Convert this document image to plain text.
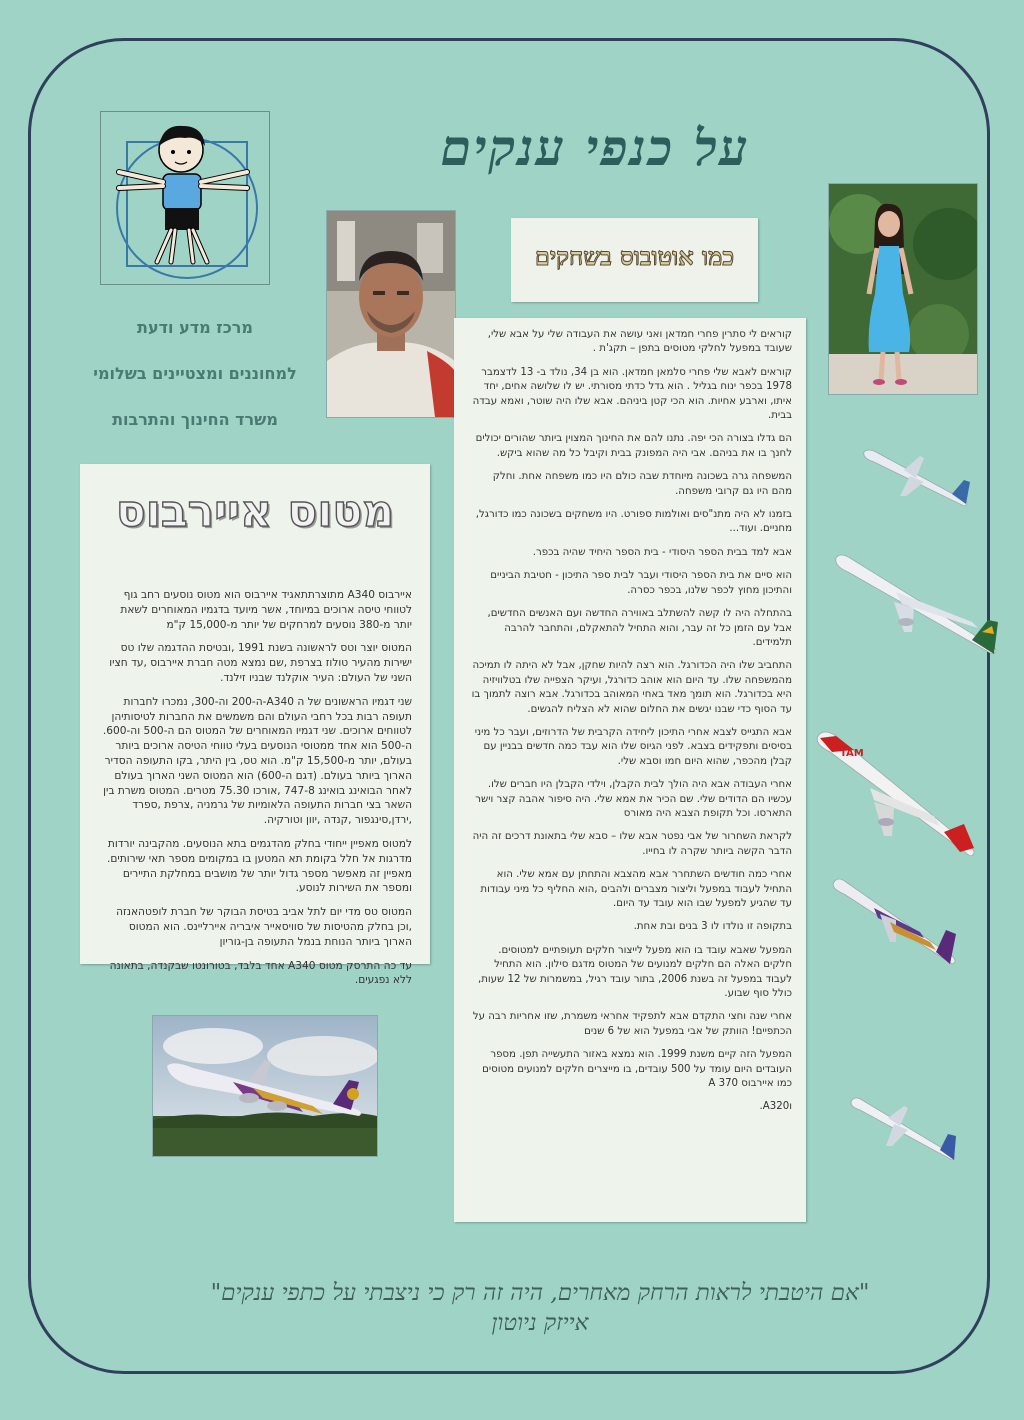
על כנפי ענקים
מרכז מדע ודעת
למחוננים ומצטיינים בשלומי
משרד החינוך והתרבות
כמו אוטובוס בשחקים
מטוס איירבוס

איירבוס A340 מתוצרתתאגיד איירבוס הוא מטוס נוסעים רחב גוף לטווחי טיסה ארוכים במיוחד, אשר מיועד בדגמיו המאוחרים לשאת יותר מ-380 נוסעים למרחקים של יותר מ-15,000 ק"מ

המטוס יוצר וטס לראשונה בשנת 1991 ,ובטיסת ההדגמה שלו טס ישירות מהעיר טולוז בצרפת ,שם נמצא מטה חברת איירבוס ,עד חציו השני של העולם: העיר אוקלנד שבניו זילנד.

שני דגמיו הראשונים של ה A340-ה-200 וה-300, נמכרו לחברות תעופה רבות בכל רחבי העולם והם משמשים את החברות לטיסותיהן לטווחים ארוכים. שני דגמיו המאוחרים של המטוס הם ה-500 וה-600. ה-500 הוא אחד ממטוסי הנוסעים בעלי טווחי הטיסה ארוכים ביותר בעולם, יותר מ-15,500 ק"מ. הוא טס, בין היתר, בקו התעופה הסדיר הארוך ביותר בעולם. (דגם ה-600) הוא המטוס השני הארוך בעולם לאחר הבואינג בואינג 747-8 ,אורכו 75.30 מטרים. המטוס משרת בין השאר בצי חברות התעופה הלאומיות של גרמניה ,צרפת ,ספרד ,ירדן,סינגפור ,קנדה ,יוון וטורקיה.

למטוס מאפיין ייחודי בחלק מהדגמים בתא הנוסעים. מהקבינה יורדות מדרגות אל חלל בקומת תא המטען בו במקומים מספר תאי שירותים. מאפיין זה מאפשר מספר גדול יותר של מושבים במחלקת התיירים ומספר את השירות לנוסע.

המטוס טס מדי יום לתל אביב בטיסת הבוקר של חברת לופטהאנזה ,וכן בחלק מהטיסות של סוויסאייר איבריה איירליינס. הוא המטוס הארוך ביותר הנוחת בנמל התעופה בן-גוריון

עד כה התרסק מטוס A340 אחד בלבד, בטורונטו שבקנדה, בתאונה ללא נפגעים.

קוראים לי סתרין פחרי חמדאן ואני עושה את העבודה שלי על אבא שלי, שעובד במפעל לחלקי מטוסים בתפן – תקג'ת .

קוראים לאבא שלי פחרי סלמאן חמדאן. הוא בן 34, נולד ב- 13 לדצמבר 1978 בכפר ינוח בגליל . הוא גדל כדתי מסורתי. יש לו שלושה אחים, יחד איתו, וארבע אחיות. הוא הכי קטן ביניהם. אבא שלו היה שוטר, ואמא עבדה בבית.

הם גדלו בצורה הכי יפה. נתנו להם את החינוך המצוין ביותר שהורים יכולים לחנך בו את בניהם. אבי היה המפונק בבית וקיבל כל מה שהוא ביקש.

המשפחה גרה בשכונה מיוחדת שבה כולם היו כמו משפחה אחת. וחלק מהם היו גם קרובי משפחה.

בזמנו לא היה מתנ"סים ואולמות ספורט. היו משחקים בשכונה כמו כדורגל, מחניים. ועוד...

אבא למד בבית הספר היסודי - בית הספר היחיד שהיה בכפר.

הוא סיים את בית הספר היסודי ועבר לבית ספר התיכון - חטיבת הביניים והתיכון מחוץ לכפר שלנו, בכפר כסרה.

בהתחלה היה לו קשה להשתלב באווירה החדשה ועם האנשים החדשים, אבל עם הזמן כל זה עבר, והוא התחיל להתאקלם, והתחבר להרבה תלמידים.

התחביב שלו היה הכדורגל. הוא רצה להיות שחקן, אבל לא היתה לו תמיכה מהמשפחה שלו. עד היום הוא אוהב כדורגל, ועיקר הצפייה שלו בטלוויזיה היא בכדורגל. הוא תומך מאד באחי המאוהב בכדורגל. אבא רוצה לתמוך בו עד הסוף כדי שבנו יגשים את החלום שהוא לא הצליח להגשים.

אבא התגייס לצבא אחרי התיכון ליחידה הקרבית של הדרוזים, ועבר כל מיני בסיסים ותפקידים בצבא. לפני הגיוס שלו הוא עבד כמה חדשים בבניין עם קבלן מהכפר, שהוא היום חמו וסבא שלי.

אחרי העבודה אבא היה הולך לבית הקבלן, וילדי הקבלן היו חברים שלו. עכשיו הם הדודים שלי. שם הכיר את אמא שלי. היה סיפור אהבה קצר וישר התארסו. וכל תקופת הצבא היה מאורס

לקראת השחרור של אבי נפטר אבא שלו – סבא שלי בתאונת דרכים זה היה הדבר הקשה ביותר שקרה לו בחייו.

אחרי כמה חודשים השתחרר אבא מהצבא והתחתן עם אמא שלי. הוא התחיל לעבוד במפעל וליצור מצברים ולהבים ,הוא החליף כל מיני עבודות עד שהגיע למפעל שבו הוא עובד עד היום.

בתקופה זו נולדו לו 3 בנים ובת אחת.

המפעל שאבא עובד בו הוא מפעל לייצור חלקים תעופתיים למטוסים. חלקים האלה הם חלקים למנועים של המטוס מדגם סילון. הוא התחיל לעבוד במפעל זה בשנת 2006, בתור עובד רגיל, במשמרות של 12 שעות, כולל סוף שבוע.

אחרי שנה וחצי התקדם אבא לתפקיד אחראי משמרת, שזו אחריות רבה על הכתפיים! הוותק של אבי במפעל הוא של 6 שנים

המפעל הזה קיים משנת 1999. הוא נמצא באזור התעשייה תפן. מספר העובדים היום עומד על 500 עובדים, בו מייצרים חלקים למנועים מטוסים כמו איירבוס A 370

וA320.

TAM
"אם היטבתי לראות הרחק מאחרים, היה זה רק כי ניצבתי על כתפי ענקים"
אייזק ניוטון
